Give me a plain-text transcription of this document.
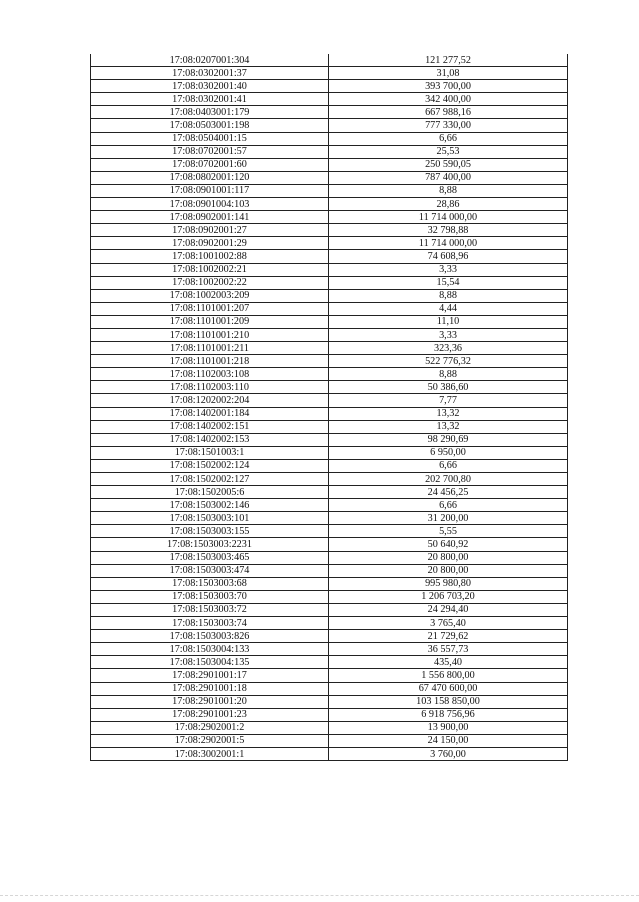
17:08:0207001:304	121 277,52
17:08:0302001:37	31,08
17:08:0302001:40	393 700,00
17:08:0302001:41	342 400,00
17:08:0403001:179	667 988,16
17:08:0503001:198	777 330,00
17:08:0504001:15	6,66
17:08:0702001:57	25,53
17:08:0702001:60	250 590,05
17:08:0802001:120	787 400,00
17:08:0901001:117	8,88
17:08:0901004:103	28,86
17:08:0902001:141	11 714 000,00
17:08:0902001:27	32 798,88
17:08:0902001:29	11 714 000,00
17:08:1001002:88	74 608,96
17:08:1002002:21	3,33
17:08:1002002:22	15,54
17:08:1002003:209	8,88
17:08:1101001:207	4,44
17:08:1101001:209	11,10
17:08:1101001:210	3,33
17:08:1101001:211	323,36
17:08:1101001:218	522 776,32
17:08:1102003:108	8,88
17:08:1102003:110	50 386,60
17:08:1202002:204	7,77
17:08:1402001:184	13,32
17:08:1402002:151	13,32
17:08:1402002:153	98 290,69
17:08:1501003:1	6 950,00
17:08:1502002:124	6,66
17:08:1502002:127	202 700,80
17:08:1502005:6	24 456,25
17:08:1503002:146	6,66
17:08:1503003:101	31 200,00
17:08:1503003:155	5,55
17:08:1503003:2231	50 640,92
17:08:1503003:465	20 800,00
17:08:1503003:474	20 800,00
17:08:1503003:68	995 980,80
17:08:1503003:70	1 206 703,20
17:08:1503003:72	24 294,40
17:08:1503003:74	3 765,40
17:08:1503003:826	21 729,62
17:08:1503004:133	36 557,73
17:08:1503004:135	435,40
17:08:2901001:17	1 556 800,00
17:08:2901001:18	67 470 600,00
17:08:2901001:20	103 158 850,00
17:08:2901001:23	6 918 756,96
17:08:2902001:2	13 900,00
17:08:2902001:5	24 150,00
17:08:3002001:1	3 760,00
